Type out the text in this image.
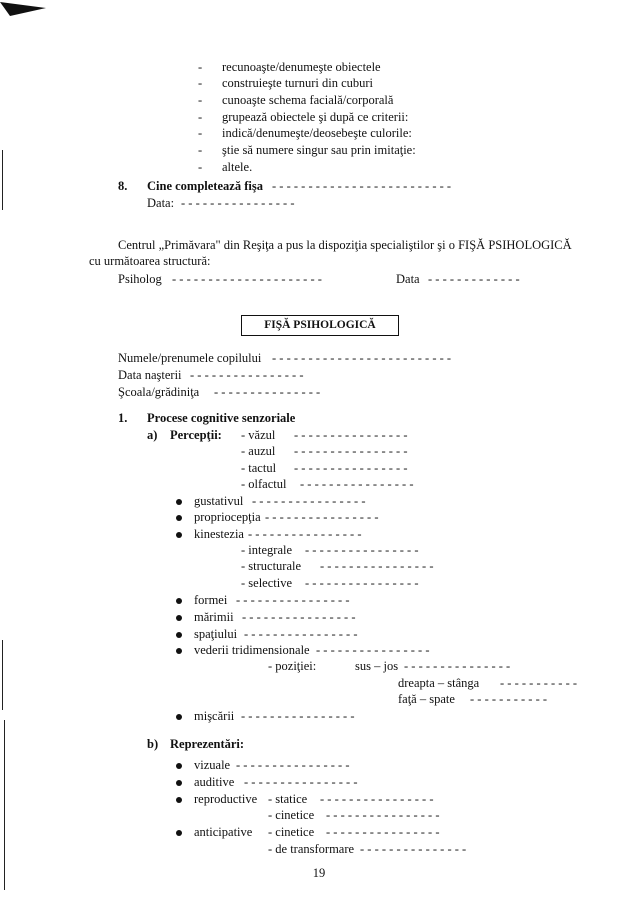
- recunoaşte/denumeşte obiectele
- construieşte turnuri din cuburi
- cunoaşte schema facială/corporală
- grupează obiectele şi după ce criterii:
- indică/denumeşte/deosebeşte culorile:
- ştie să numere singur sau prin imitaţie:
- altele.
8. Cine completează fişa - - - - - - - - - - - - - - - - - - - - - - - - -
Data: - - - - - - - - - - - - - - - -
Centrul „Primăvara" din Reşiţa a pus la dispoziţia specialiştilor şi o FIŞĂ PSIHOLOGICĂ
cu următoarea structură:
Psiholog - - - - - - - - - - - - - - - - - - - - -	Data - - - - - - - - - - - - -
FIŞĂ PSIHOLOGICĂ
Numele/prenumele copilului - - - - - - - - - - - - - - - - - - - - - - - - -
Data naşterii - - - - - - - - - - - - - - - -
Şcoala/grădiniţa - - - - - - - - - - - - - - -
1. Procese cognitive senzoriale
a) Percepţii: - văzul - - - - - - - - - - - - - - - -
- auzul - - - - - - - - - - - - - - - -
- tactul - - - - - - - - - - - - - - - -
- olfactul - - - - - - - - - - - - - - - -
gustativul - - - - - - - - - - - - - - - -
propriocepţia - - - - - - - - - - - - - - - -
kinestezia - - - - - - - - - - - - - - - -
- integrale - - - - - - - - - - - - - - - -
- structurale - - - - - - - - - - - - - - - -
- selective - - - - - - - - - - - - - - - -
formei - - - - - - - - - - - - - - - -
mărimii - - - - - - - - - - - - - - - -
spaţiului - - - - - - - - - - - - - - - -
vederii tridimensionale - - - - - - - - - - - - - - - -
- poziţiei:	sus – jos - - - - - - - - - - - - - - -
dreapta – stânga - - - - - - - - - - -
faţă – spate - - - - - - - - - - -
mişcării - - - - - - - - - - - - - - - -
b) Reprezentări:
vizuale - - - - - - - - - - - - - - - -
auditive - - - - - - - - - - - - - - - -
reproductive - statice - - - - - - - - - - - - - - - -
- cinetice - - - - - - - - - - - - - - - -
anticipative - cinetice - - - - - - - - - - - - - - - -
- de transformare - - - - - - - - - - - - - - -
19
